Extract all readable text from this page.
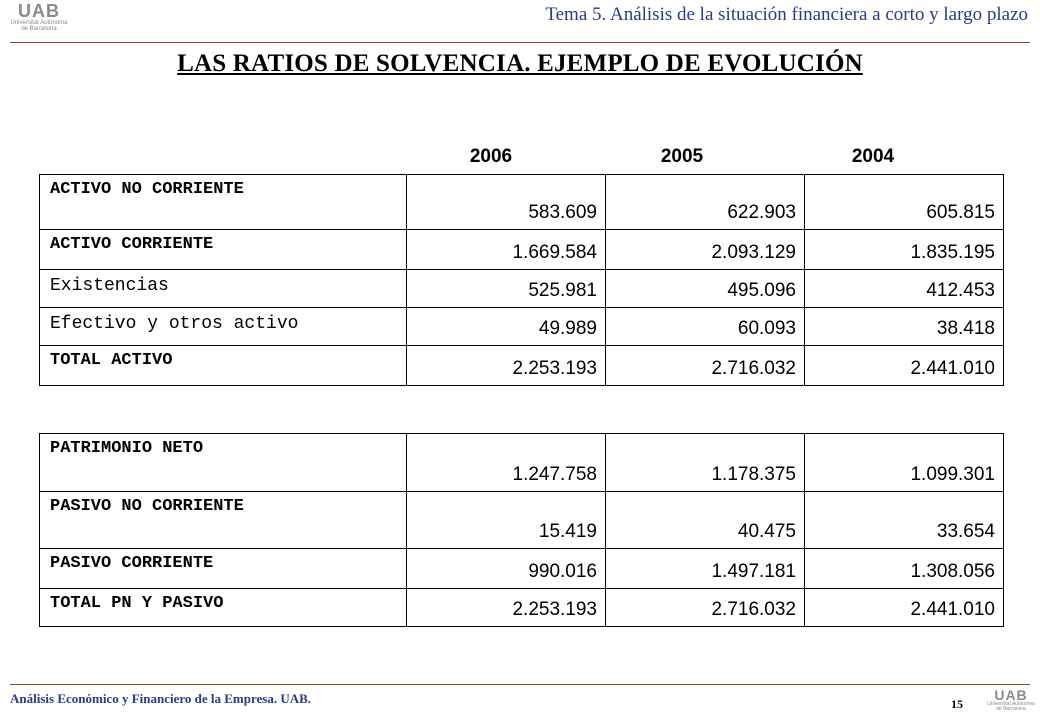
UAB
Universitat Autònoma
de Barcelona
Tema 5. Análisis de la situación financiera a corto y largo plazo
LAS RATIOS DE SOLVENCIA. EJEMPLO DE EVOLUCIÓN
2006	2005	2004
ACTIVO NO CORRIENTE	583.609	622.903	605.815
ACTIVO CORRIENTE	1.669.584	2.093.129	1.835.195
Existencias	525.981	495.096	412.453
Efectivo y otros activo	49.989	60.093	38.418
TOTAL ACTIVO	2.253.193	2.716.032	2.441.010
PATRIMONIO NETO	1.247.758	1.178.375	1.099.301
PASIVO NO CORRIENTE	15.419	40.475	33.654
PASIVO CORRIENTE	990.016	1.497.181	1.308.056
TOTAL PN Y PASIVO	2.253.193	2.716.032	2.441.010
Análisis Económico y Financiero de la Empresa. UAB.	15
UAB
Universitat Autònoma
de Barcelona
